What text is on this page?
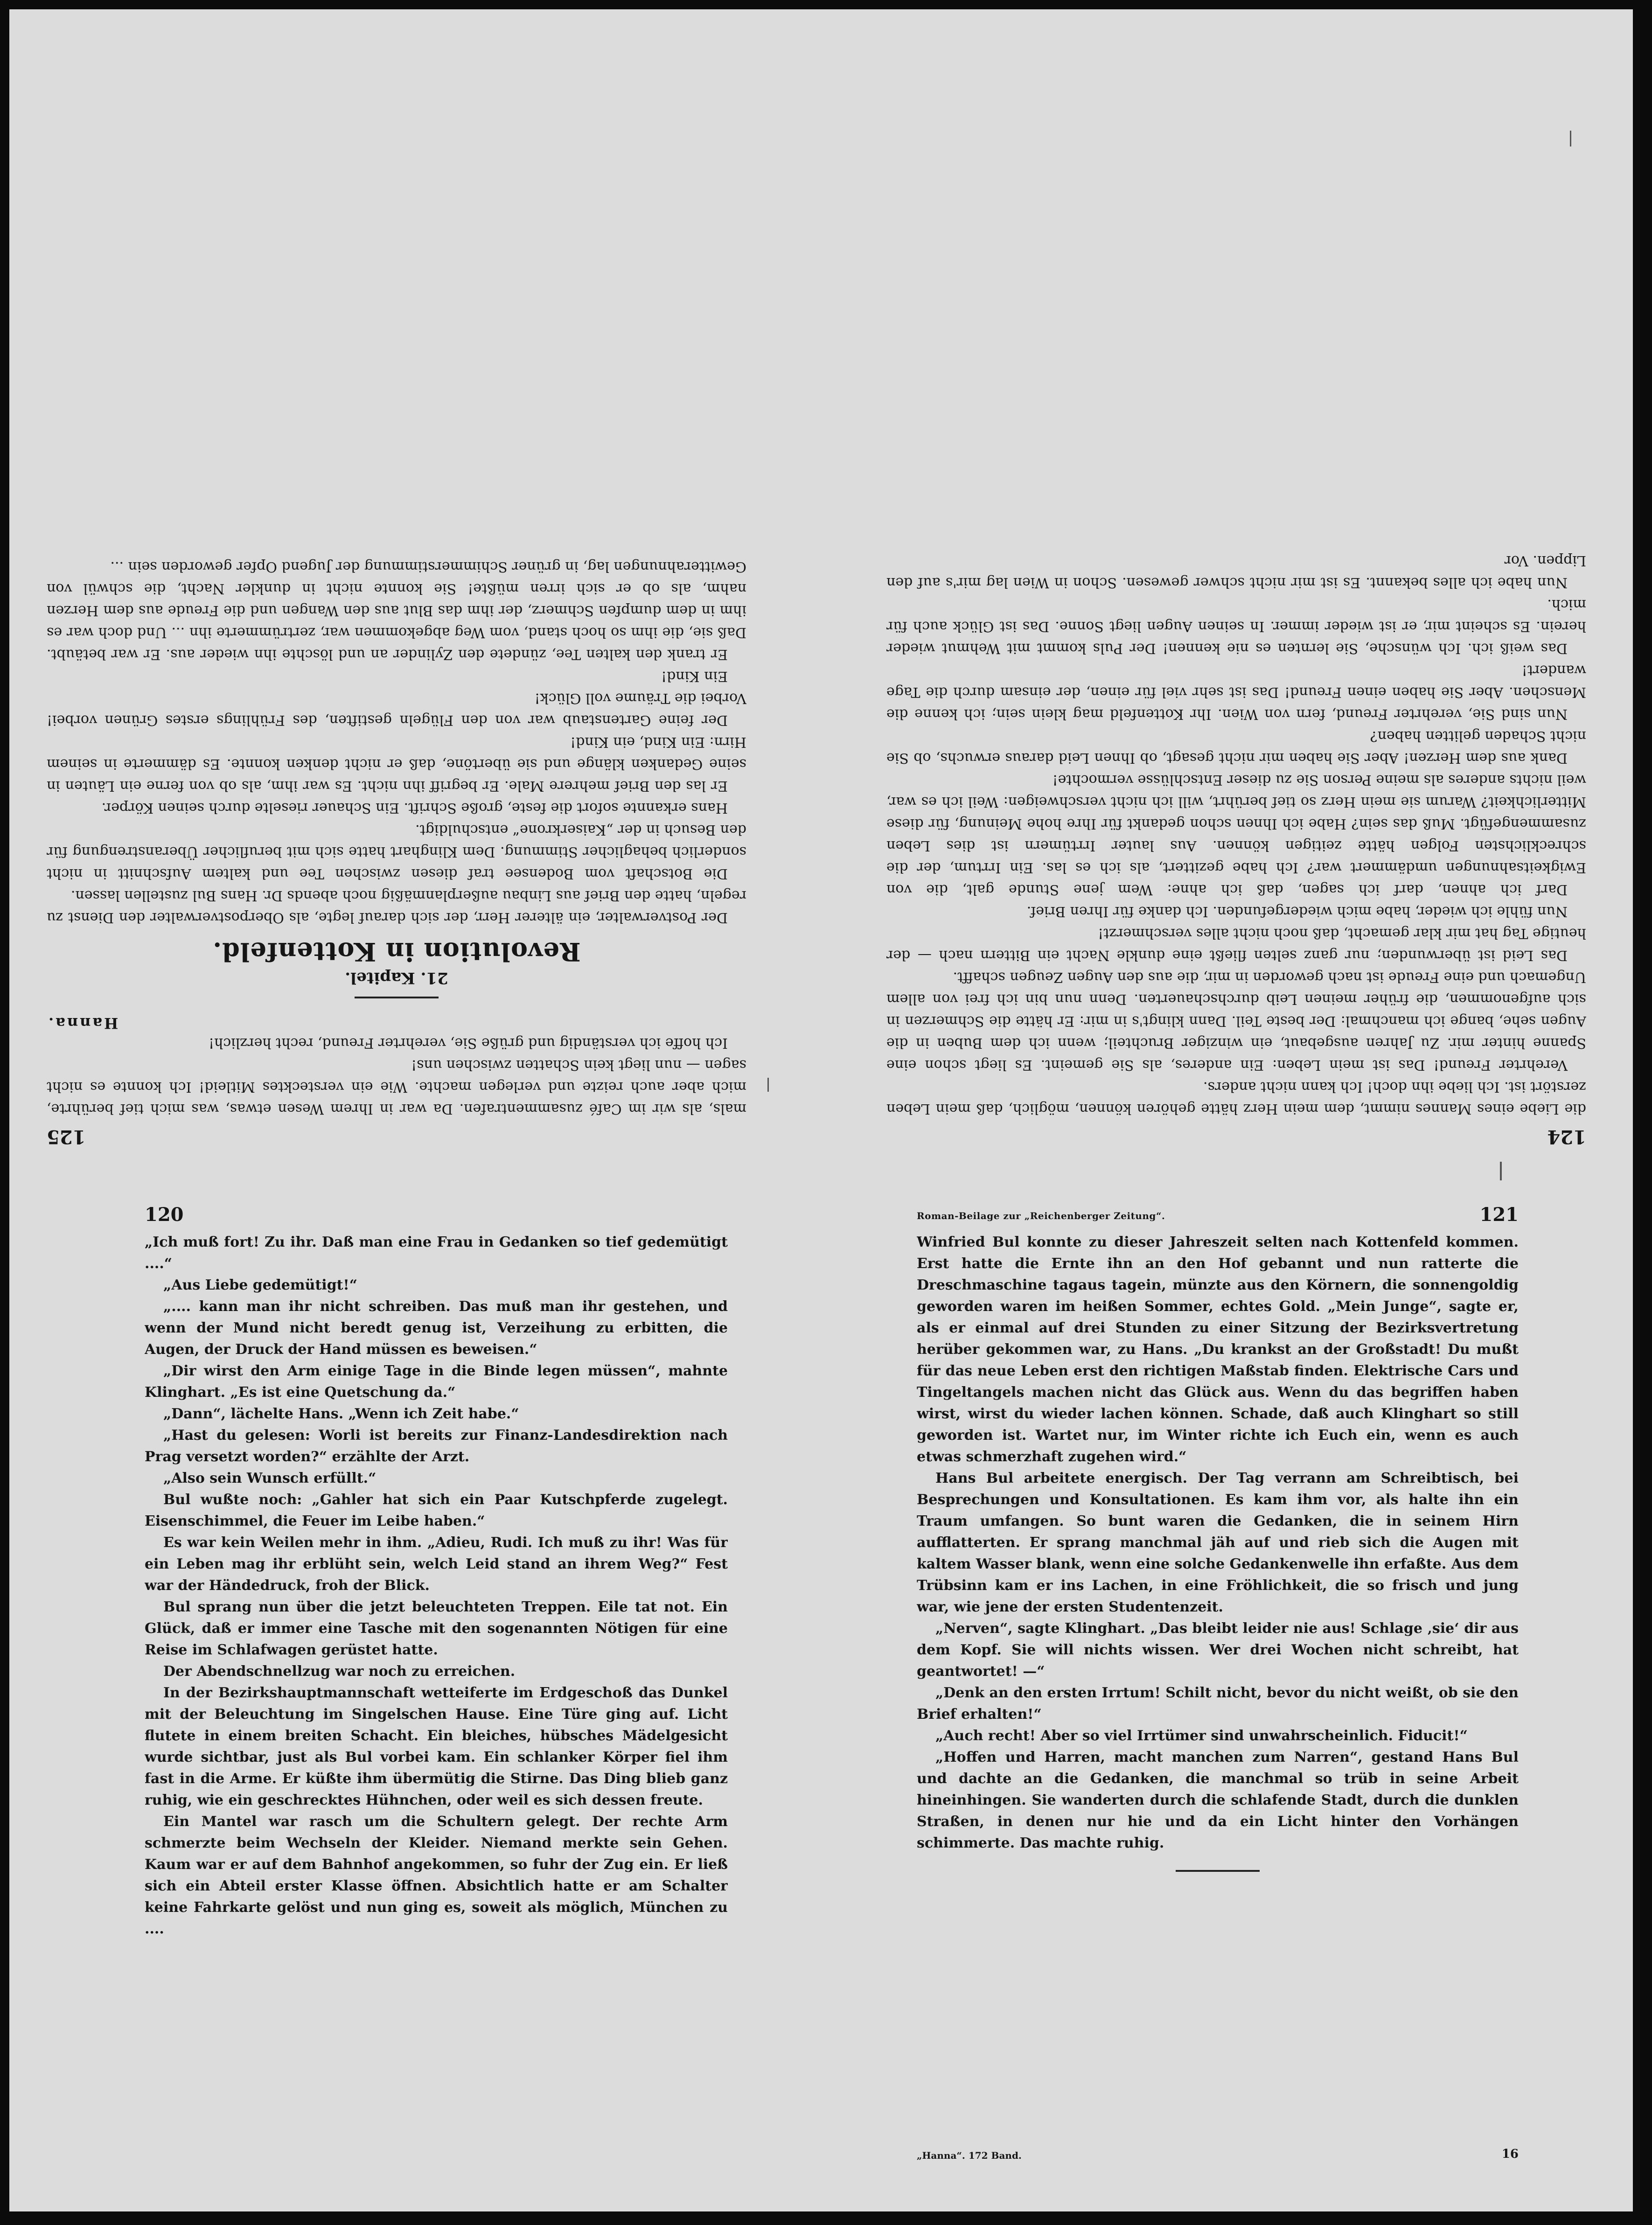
124

die Liebe eines Mannes nimmt, dem mein Herz hätte gehören können, möglich, daß mein Leben zerstört ist. Ich liebe ihn doch! Ich kann nicht anders.

Verehrter Freund! Das ist mein Leben: Ein anderes, als Sie gemeint. Es liegt schon eine Spanne hinter mir. Zu Jahren ausgebaut, ein winziger Bruchteil; wenn ich dem Buben in die Augen sehe, bange ich manchmal: Der beste Teil. Dann klingt's in mir: Er hätte die Schmerzen in sich aufgenommen, die früher meinen Leib durchschauerten. Denn nun bin ich frei von allem Ungemach und eine Freude ist nach geworden in mir, die aus den Augen Zeugen schafft.

Das Leid ist überwunden; nur ganz selten fließt eine dunkle Nacht ein Bittern nach — der heutige Tag hat mir klar gemacht, daß noch nicht alles verschmerzt!

Nun fühle ich wieder, habe mich wiedergefunden. Ich danke für Ihren Brief.

Darf ich ahnen, darf ich sagen, daß ich ahne: Wem jene Stunde galt, die von Ewigkeitsahnungen umdämmert war? Ich habe gezittert, als ich es las. Ein Irrtum, der die schrecklichsten Folgen hätte zeitigen können. Aus lauter Irrtümern ist dies Leben zusammengefügt. Muß das sein? Habe ich Ihnen schon gedankt für Ihre hohe Meinung, für diese Mitterlichkeit? Warum sie mein Herz so tief berührt, will ich nicht verschweigen: Weil ich es war, weil nichts anderes als meine Person Sie zu dieser Entschlüsse vermochte!

Dank aus dem Herzen! Aber Sie haben mir nicht gesagt, ob Ihnen Leid daraus erwuchs, ob Sie nicht Schaden gelitten haben?

Nun sind Sie, verehrter Freund, fern von Wien. Ihr Kottenfeld mag klein sein; ich kenne die Menschen. Aber Sie haben einen Freund! Das ist sehr viel für einen, der einsam durch die Tage wandert!

Das weiß ich. Ich wünsche, Sie lernten es nie kennen! Der Puls kommt mit Wehmut wieder herein. Es scheint mir, er ist wieder immer. In seinen Augen liegt Sonne. Das ist Glück auch für mich.

Nun habe ich alles bekannt. Es ist mir nicht schwer gewesen. Schon in Wien lag mir's auf den Lippen. Vor

125

mals, als wir im Café zusammentrafen. Da war in Ihrem Wesen etwas, was mich tief berührte, mich aber auch reizte und verlegen machte. Wie ein verstecktes Mitleid! Ich konnte es nicht sagen — nun liegt kein Schatten zwischen uns!

Ich hoffe ich verständig und grüße Sie, verehrter Freund, recht herzlich!

Hanna.
21. Kapitel.
Revolution in Kottenfeld.

Der Postverwalter, ein älterer Herr, der sich darauf legte, als Oberpostverwalter den Dienst zu regeln, hatte den Brief aus Linbau außerplanmäßig noch abends Dr. Hans Bul zustellen lassen.

Die Botschaft vom Bodensee traf diesen zwischen Tee und kaltem Aufschnitt in nicht sonderlich behaglicher Stimmung. Dem Klinghart hatte sich mit beruflicher Überanstrengung für den Besuch in der „Kaiserkrone“ entschuldigt.

Hans erkannte sofort die feste, große Schrift. Ein Schauer rieselte durch seinen Körper.

Er las den Brief mehrere Male. Er begriff ihn nicht. Es war ihm, als ob von ferne ein Läuten in seine Gedanken klänge und sie übertöne, daß er nicht denken konnte. Es dämmerte in seinem Hirn: Ein Kind, ein Kind!

Der feine Gartenstaub war von den Flügeln gestiften, des Frühlings erstes Grünen vorbei! Vorbei die Träume voll Glück!

Ein Kind!

Er trank den kalten Tee, zündete den Zylinder an und löschte ihn wieder aus. Er war betäubt. Daß sie, die ihm so hoch stand, vom Weg abgekommen war, zertrümmerte ihn ... Und doch war es ihm in dem dumpfen Schmerz, der ihm das Blut aus den Wangen und die Freude aus dem Herzen nahm, als ob er sich irren müßte! Sie konnte nicht in dunkler Nacht, die schwül von Gewitterahnungen lag, in grüner Schimmerstimmung der Jugend Opfer geworden sein ...

120

„Ich muß fort! Zu ihr. Daß man eine Frau in Gedanken so tief gedemütigt ....“

„Aus Liebe gedemütigt!“

„.... kann man ihr nicht schreiben. Das muß man ihr gestehen, und wenn der Mund nicht beredt genug ist, Verzeihung zu erbitten, die Augen, der Druck der Hand müssen es beweisen.“

„Dir wirst den Arm einige Tage in die Binde legen müssen“, mahnte Klinghart. „Es ist eine Quetschung da.“

„Dann“, lächelte Hans. „Wenn ich Zeit habe.“

„Hast du gelesen: Worli ist bereits zur Finanz-Landesdirektion nach Prag versetzt worden?“ erzählte der Arzt.

„Also sein Wunsch erfüllt.“

Bul wußte noch: „Gahler hat sich ein Paar Kutschpferde zugelegt. Eisenschimmel, die Feuer im Leibe haben.“

Es war kein Weilen mehr in ihm. „Adieu, Rudi. Ich muß zu ihr! Was für ein Leben mag ihr erblüht sein, welch Leid stand an ihrem Weg?“ Fest war der Händedruck, froh der Blick.

Bul sprang nun über die jetzt beleuchteten Treppen. Eile tat not. Ein Glück, daß er immer eine Tasche mit den sogenannten Nötigen für eine Reise im Schlafwagen gerüstet hatte.

Der Abendschnellzug war noch zu erreichen.

In der Bezirkshauptmannschaft wetteiferte im Erdgeschoß das Dunkel mit der Beleuchtung im Singelschen Hause. Eine Türe ging auf. Licht flutete in einem breiten Schacht. Ein bleiches, hübsches Mädelgesicht wurde sichtbar, just als Bul vorbei kam. Ein schlanker Körper fiel ihm fast in die Arme. Er küßte ihm übermütig die Stirne. Das Ding blieb ganz ruhig, wie ein geschrecktes Hühnchen, oder weil es sich dessen freute.

Ein Mantel war rasch um die Schultern gelegt. Der rechte Arm schmerzte beim Wechseln der Kleider. Niemand merkte sein Gehen. Kaum war er auf dem Bahnhof angekommen, so fuhr der Zug ein. Er ließ sich ein Abteil erster Klasse öffnen. Absichtlich hatte er am Schalter keine Fahrkarte gelöst und nun ging es, soweit als möglich, München zu ....

Roman-Beilage zur „Reichenberger Zeitung“.	121

Winfried Bul konnte zu dieser Jahreszeit selten nach Kottenfeld kommen. Erst hatte die Ernte ihn an den Hof gebannt und nun ratterte die Dreschmaschine tagaus tagein, münzte aus den Körnern, die sonnengoldig geworden waren im heißen Sommer, echtes Gold. „Mein Junge“, sagte er, als er einmal auf drei Stunden zu einer Sitzung der Bezirksvertretung herüber gekommen war, zu Hans. „Du krankst an der Großstadt! Du mußt für das neue Leben erst den richtigen Maßstab finden. Elektrische Cars und Tingeltangels machen nicht das Glück aus. Wenn du das begriffen haben wirst, wirst du wieder lachen können. Schade, daß auch Klinghart so still geworden ist. Wartet nur, im Winter richte ich Euch ein, wenn es auch etwas schmerzhaft zugehen wird.“

Hans Bul arbeitete energisch. Der Tag verrann am Schreibtisch, bei Besprechungen und Konsultationen. Es kam ihm vor, als halte ihn ein Traum umfangen. So bunt waren die Gedanken, die in seinem Hirn aufflatterten. Er sprang manchmal jäh auf und rieb sich die Augen mit kaltem Wasser blank, wenn eine solche Gedankenwelle ihn erfaßte. Aus dem Trübsinn kam er ins Lachen, in eine Fröhlichkeit, die so frisch und jung war, wie jene der ersten Studentenzeit.

„Nerven“, sagte Klinghart. „Das bleibt leider nie aus! Schlage ‚sie‘ dir aus dem Kopf. Sie will nichts wissen. Wer drei Wochen nicht schreibt, hat geantwortet! —“

„Denk an den ersten Irrtum! Schilt nicht, bevor du nicht weißt, ob sie den Brief erhalten!“

„Auch recht! Aber so viel Irrtümer sind unwahrscheinlich. Fiducit!“

„Hoffen und Harren, macht manchen zum Narren“, gestand Hans Bul und dachte an die Gedanken, die manchmal so trüb in seine Arbeit hineinhingen. Sie wanderten durch die schlafende Stadt, durch die dunklen Straßen, in denen nur hie und da ein Licht hinter den Vorhängen schimmerte. Das machte ruhig.

„Hanna“. 172 Band.	16
